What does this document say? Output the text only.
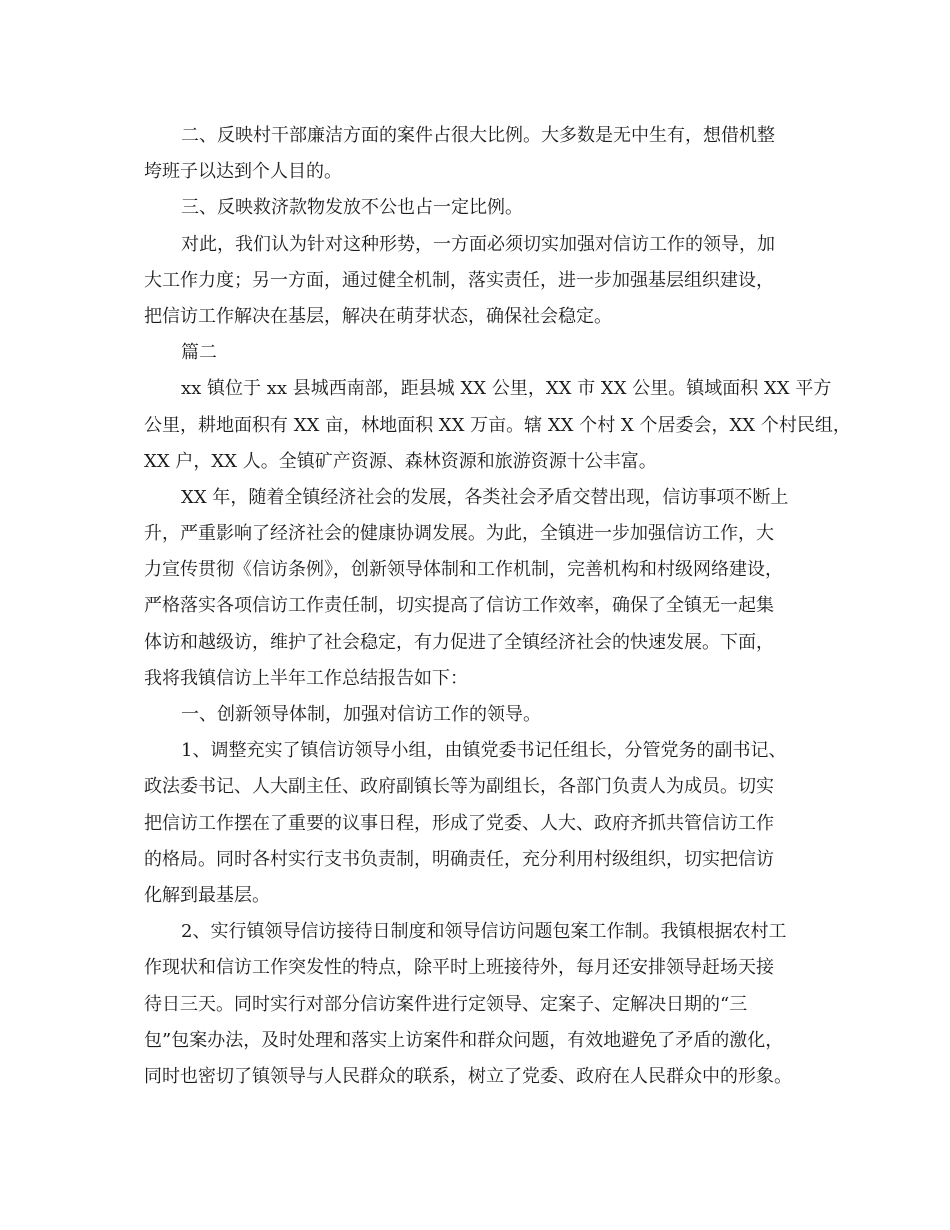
二、反映村干部廉洁方面的案件占很大比例。大多数是无中生有，想借机整
垮班子以达到个人目的。
三、反映救济款物发放不公也占一定比例。
对此，我们认为针对这种形势，一方面必须切实加强对信访工作的领导，加
大工作力度；另一方面，通过健全机制，落实责任，进一步加强基层组织建设，
把信访工作解决在基层，解决在萌芽状态，确保社会稳定。
篇二
xx 镇位于 xx 县城西南部，距县城 XX 公里，XX 市 XX 公里。镇域面积 XX 平方
公里，耕地面积有 XX 亩，林地面积 XX 万亩。辖 XX 个村 X 个居委会，XX 个村民组，
XX 户，XX 人。全镇矿产资源、森林资源和旅游资源十公丰富。
XX 年，随着全镇经济社会的发展，各类社会矛盾交替出现，信访事项不断上
升，严重影响了经济社会的健康协调发展。为此，全镇进一步加强信访工作，大
力宣传贯彻《信访条例》，创新领导体制和工作机制，完善机构和村级网络建设，
严格落实各项信访工作责任制，切实提高了信访工作效率，确保了全镇无一起集
体访和越级访，维护了社会稳定，有力促进了全镇经济社会的快速发展。下面，
我将我镇信访上半年工作总结报告如下：
一、创新领导体制，加强对信访工作的领导。
1、调整充实了镇信访领导小组，由镇党委书记任组长，分管党务的副书记、
政法委书记、人大副主任、政府副镇长等为副组长，各部门负责人为成员。切实
把信访工作摆在了重要的议事日程，形成了党委、人大、政府齐抓共管信访工作
的格局。同时各村实行支书负责制，明确责任，充分利用村级组织，切实把信访
化解到最基层。
2、实行镇领导信访接待日制度和领导信访问题包案工作制。我镇根据农村工
作现状和信访工作突发性的特点，除平时上班接待外，每月还安排领导赶场天接
待日三天。同时实行对部分信访案件进行定领导、定案子、定解决日期的“三
包”包案办法，及时处理和落实上访案件和群众问题，有效地避免了矛盾的激化，
同时也密切了镇领导与人民群众的联系，树立了党委、政府在人民群众中的形象。
